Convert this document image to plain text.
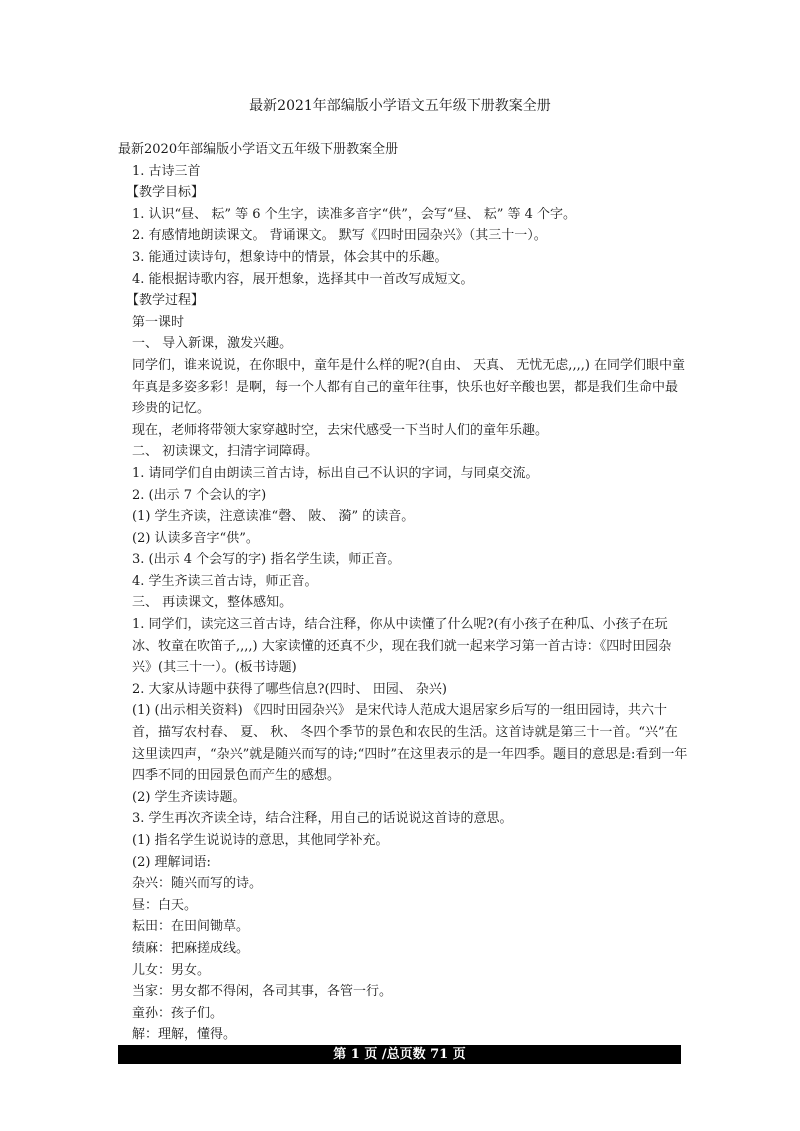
最新2021年部编版小学语文五年级下册教案全册

最新2020年部编版小学语文五年级下册教案全册

1. 古诗三首

【教学目标】

1. 认识“昼、 耘” 等 6 个生字，读准多音字“供”，会写“昼、 耘” 等 4 个字。

2. 有感情地朗读课文。 背诵课文。 默写《四时田园杂兴》（其三十一）。

3. 能通过读诗句，想象诗中的情景，体会其中的乐趣。

4. 能根据诗歌内容，展开想象，选择其中一首改写成短文。

【教学过程】

第一课时

一、 导入新课，激发兴趣。

同学们，谁来说说，在你眼中，童年是什么样的呢?(自由、 天真、 无忧无虑,,,,) 在同学们眼中童年真是多姿多彩！是啊，每一个人都有自己的童年往事，快乐也好辛酸也罢，都是我们生命中最珍贵的记忆。

现在，老师将带领大家穿越时空，去宋代感受一下当时人们的童年乐趣。

二、 初读课文，扫清字词障碍。

1. 请同学们自由朗读三首古诗，标出自己不认识的字词，与同桌交流。

2. (出示 7 个会认的字)

(1) 学生齐读，注意读准“磬、 陂、 漪” 的读音。

(2) 认读多音字“供”。

3. (出示 4 个会写的字) 指名学生读，师正音。

4. 学生齐读三首古诗，师正音。

三、 再读课文，整体感知。

1. 同学们，读完这三首古诗，结合注释，你从中读懂了什么呢?(有小孩子在种瓜、小孩子在玩冰、牧童在吹笛子,,,,) 大家读懂的还真不少，现在我们就一起来学习第一首古诗：《四时田园杂兴》(其三十一）。(板书诗题)

2. 大家从诗题中获得了哪些信息?(四时、 田园、 杂兴)

(1) (出示相关资料) 《四时田园杂兴》 是宋代诗人范成大退居家乡后写的一组田园诗，共六十首，描写农村春、 夏、 秋、 冬四个季节的景色和农民的生活。这首诗就是第三十一首。“兴”在这里读四声，“杂兴”就是随兴而写的诗;“四时”在这里表示的是一年四季。题目的意思是:看到一年四季不同的田园景色而产生的感想。

(2) 学生齐读诗题。

3. 学生再次齐读全诗，结合注释，用自己的话说说这首诗的意思。

(1) 指名学生说说诗的意思，其他同学补充。

(2) 理解词语:

杂兴：随兴而写的诗。

昼：白天。

耘田：在田间锄草。

绩麻：把麻搓成线。

儿女：男女。

当家：男女都不得闲，各司其事，各管一行。

童孙：孩子们。

解：理解，懂得。

第 1 页 /总页数 71 页
